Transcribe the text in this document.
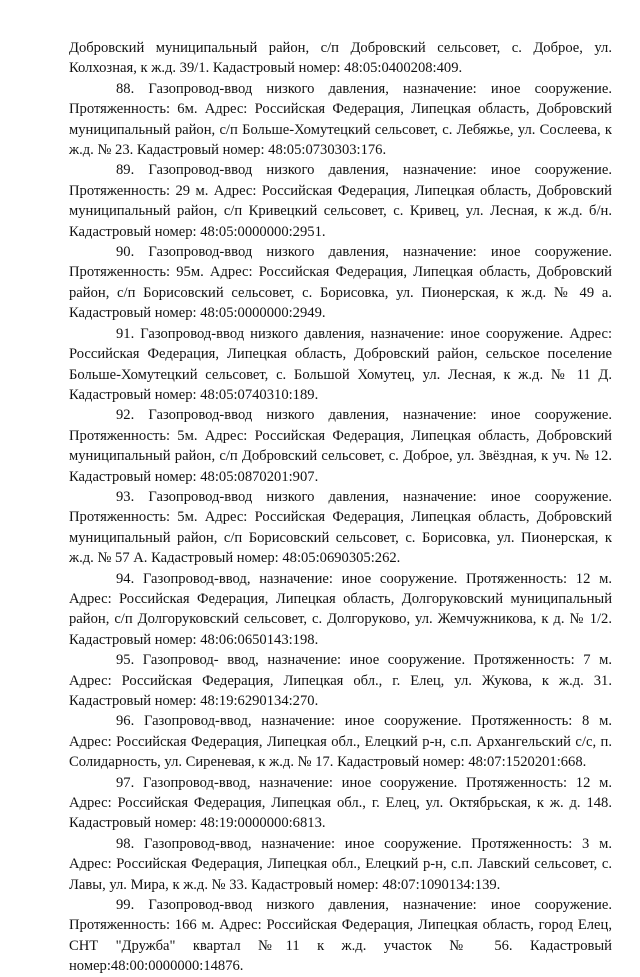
Добровский муниципальный район, с/п Добровский сельсовет, с. Доброе, ул. Колхозная, к ж.д. 39/1. Кадастровый номер: 48:05:0400208:409.

88. Газопровод-ввод низкого давления, назначение: иное сооружение. Протяженность: 6м. Адрес: Российская Федерация, Липецкая область, Добровский муниципальный район, с/п Больше-Хомутецкий сельсовет, с. Лебяжье, ул. Сослеева, к ж.д. № 23. Кадастровый номер: 48:05:0730303:176.

89. Газопровод-ввод низкого давления, назначение: иное сооружение. Протяженность: 29 м. Адрес: Российская Федерация, Липецкая область, Добровский муниципальный район, с/п Кривецкий сельсовет, с. Кривец, ул. Лесная, к ж.д. б/н. Кадастровый номер: 48:05:0000000:2951.

90. Газопровод-ввод низкого давления, назначение: иное сооружение. Протяженность: 95м. Адрес: Российская Федерация, Липецкая область, Добровский район, с/п Борисовский сельсовет, с. Борисовка, ул. Пионерская, к ж.д. № 49 а. Кадастровый номер: 48:05:0000000:2949.

91. Газопровод-ввод низкого давления, назначение: иное сооружение. Адрес: Российская Федерация, Липецкая область, Добровский район, сельское поселение Больше-Хомутецкий сельсовет, с. Большой Хомутец, ул. Лесная, к ж.д. № 11 Д. Кадастровый номер: 48:05:0740310:189.

92. Газопровод-ввод низкого давления, назначение: иное сооружение. Протяженность: 5м. Адрес: Российская Федерация, Липецкая область, Добровский муниципальный район, с/п Добровский сельсовет, с. Доброе, ул. Звёздная, к уч. № 12. Кадастровый номер: 48:05:0870201:907.

93. Газопровод-ввод низкого давления, назначение: иное сооружение. Протяженность: 5м. Адрес: Российская Федерация, Липецкая область, Добровский муниципальный район, с/п Борисовский сельсовет, с. Борисовка, ул. Пионерская, к ж.д. № 57 А. Кадастровый номер: 48:05:0690305:262.

94. Газопровод-ввод, назначение: иное сооружение. Протяженность: 12 м. Адрес: Российская Федерация, Липецкая область, Долгоруковский муниципальный район, с/п Долгоруковский сельсовет, с. Долгоруково, ул. Жемчужникова, к д. № 1/2. Кадастровый номер: 48:06:0650143:198.

95. Газопровод- ввод, назначение: иное сооружение. Протяженность: 7 м. Адрес: Российская Федерация, Липецкая обл., г. Елец, ул. Жукова, к ж.д. 31. Кадастровый номер: 48:19:6290134:270.

96. Газопровод-ввод, назначение: иное сооружение. Протяженность: 8 м. Адрес: Российская Федерация, Липецкая обл., Елецкий р-н, с.п. Архангельский с/с, п. Солидарность, ул. Сиреневая, к ж.д. № 17. Кадастровый номер: 48:07:1520201:668.

97. Газопровод-ввод, назначение: иное сооружение. Протяженность: 12 м. Адрес: Российская Федерация, Липецкая обл., г. Елец, ул. Октябрьская, к ж. д. 148. Кадастровый номер: 48:19:0000000:6813.

98. Газопровод-ввод, назначение: иное сооружение. Протяженность: 3 м. Адрес: Российская Федерация, Липецкая обл., Елецкий р-н, с.п. Лавский сельсовет, с. Лавы, ул. Мира, к ж.д. № 33. Кадастровый номер: 48:07:1090134:139.

99. Газопровод-ввод низкого давления, назначение: иное сооружение. Протяженность: 166 м. Адрес: Российская Федерация, Липецкая область, город Елец, СНТ "Дружба" квартал №11 к ж.д. участок № 56. Кадастровый номер:48:00:0000000:14876.
